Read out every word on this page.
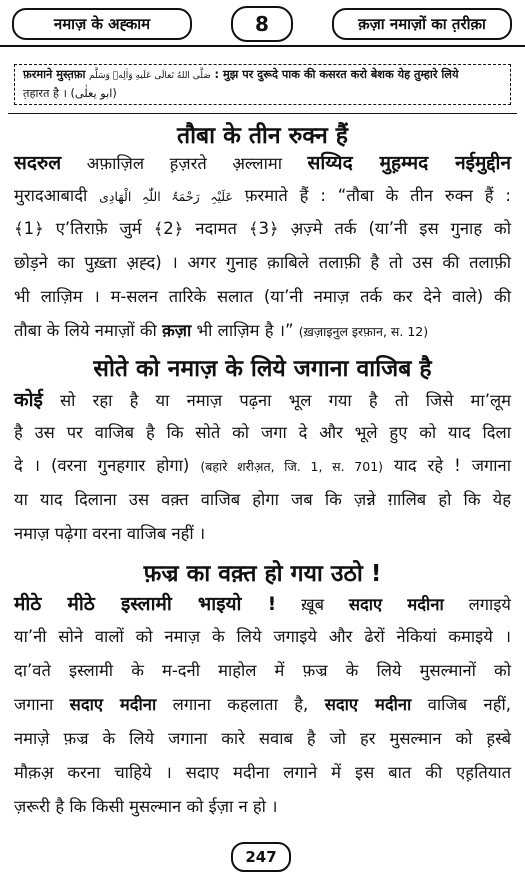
नमाज़ के अह्काम	8	क़ज़ा नमाज़ों का त़रीक़ा
फ़रमाने मुस्त़फ़ा صَلَّى اللهُ تَعالَى عَلَيهِ وَاٰلِهٖ وَسَلَّم : मुझ पर दुरूदे पाक की कसरत करो बेशक येह तुम्हारे लिये
त़हारत है । (ابو یعلٰی)
तौबा के तीन रुक्न हैं
सदरुल अफ़ाज़िल ह़ज़रते अ़ल्लामा सय्यिद मुह़म्मद नईमुद्दीन
मुरादआबादी عَلَیْہِ رَحْمَۃُ اللّٰہِ الْھَادِی फ़रमाते हैं : “तौबा के तीन रुक्न हैं :
﴾1﴿ ए’तिराफ़े जुर्म ﴾2﴿ नदामत ﴾3﴿ अ़ज़्मे तर्क (या’नी इस गुनाह को
छोड़ने का पुख़्ता अ़ह्द) । अगर गुनाह क़ाबिले तलाफ़ी है तो उस की तलाफ़ी
भी लाज़िम । म-सलन तारिके सलात (या’नी नमाज़ तर्क कर देने वाले) की
तौबा के लिये नमाज़ों की क़ज़ा भी लाज़िम है ।” (ख़ज़ाइनुल इरफ़ान, स. 12)
सोते को नमाज़ के लिये जगाना वाजिब है
कोई सो रहा है या नमाज़ पढ़ना भूल गया है तो जिसे मा’लूम
है उस पर वाजिब है कि सोते को जगा दे और भूले हुए को याद दिला
दे । (वरना गुनहगार होगा) (बहारे शरीअ़त, जि. 1, स. 701) याद रहे ! जगाना
या याद दिलाना उस वक़्त वाजिब होगा जब कि ज़न्ने ग़ालिब हो कि येह
नमाज़ पढ़ेगा वरना वाजिब नहीं ।
फ़ज्र का वक़्त हो गया उठो !
मीठे मीठे इस्लामी भाइयो ! ख़ूब सदाए मदीना लगाइये
या’नी सोने वालों को नमाज़ के लिये जगाइये और ढेरों नेकियां कमाइये ।
दा’वते इस्लामी के म-दनी माहोल में फ़ज्र के लिये मुसल्मानों को
जगाना सदाए मदीना लगाना कहलाता है, सदाए मदीना वाजिब नहीं,
नमाज़े फ़ज्र के लिये जगाना कारे सवाब है जो हर मुसल्मान को ह़स्बे
मौक़अ़ करना चाहिये । सदाए मदीना लगाने में इस बात की एह़तियात
ज़रूरी है कि किसी मुसल्मान को ईज़ा न हो ।
247
